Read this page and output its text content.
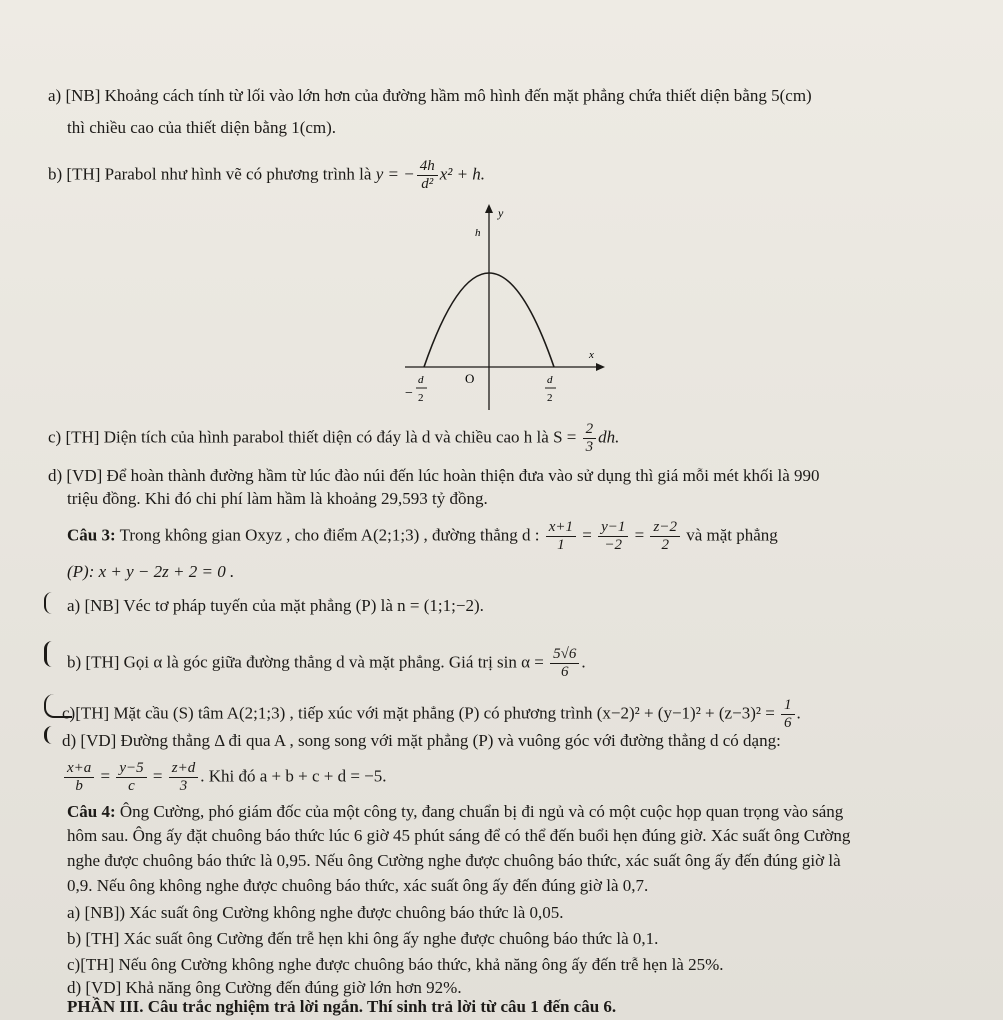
a) [NB] Khoảng cách tính từ lối vào lớn hơn của đường hầm mô hình đến mặt phẳng chứa thiết diện bằng 5(cm)
thì chiều cao của thiết diện bằng 1(cm).
b) [TH] Parabol như hình vẽ có phương trình là y = − $\frac{4h}{\text{d²}} x^2 + h$.
y
h
x
O
−
d
2
d
2
c) [TH] Diện tích của hình parabol thiết diện có đáy là d và chiều cao h là $S = \frac{2}{3}$ dh.
d) [VD] Để hoàn thành đường hầm từ lúc đào núi đến lúc hoàn thiện đưa vào sử dụng thì giá mỗi mét khối là 990
triệu đồng. Khi đó chi phí làm hầm là khoảng 29,593 tỷ đồng.
Câu 3: Trong không gian Oxyz , cho điểm A(2;1;3) , đường thẳng d : $\frac{x+1}{1} = \frac{y-1}{-2} = \frac{z-2}{2}$ và mặt phẳng
(P): x + y − 2z + 2 = 0 .
a) [NB] Véc tơ pháp tuyến của mặt phẳng (P) là n = (1;1;−2).
b) [TH] Gọi α là góc giữa đường thẳng d và mặt phẳng. Giá trị $\sin \alpha = \frac{5√6}{6}$ .
c)[TH] Mặt cầu (S) tâm A(2;1;3) , tiếp xúc với mặt phẳng (P) có phương trình $(x-2)^2 + (y-1)^2 + (z-3)^2 = \frac{1}{6}$ .
d) [VD] Đường thẳng Δ đi qua A , song song với mặt phẳng (P) và vuông góc với đường thẳng d có dạng:
$\frac{x+a}{b} = \frac{y-5}{c} = \frac{z+d}{3}$ . Khi đó a + b + c + d = −5.
Câu 4: Ông Cường, phó giám đốc của một công ty, đang chuẩn bị đi ngủ và có một cuộc họp quan trọng vào sáng
hôm sau. Ông ấy đặt chuông báo thức lúc 6 giờ 45 phút sáng để có thể đến buổi hẹn đúng giờ. Xác suất ông Cường
nghe được chuông báo thức là 0,95. Nếu ông Cường nghe được chuông báo thức, xác suất ông ấy đến đúng giờ là
0,9. Nếu ông không nghe được chuông báo thức, xác suất ông ấy đến đúng giờ là 0,7.
a) [NB]) Xác suất ông Cường không nghe được chuông báo thức là 0,05.
b) [TH] Xác suất ông Cường đến trễ hẹn khi ông ấy nghe được chuông báo thức là 0,1.
c)[TH] Nếu ông Cường không nghe được chuông báo thức, khả năng ông ấy đến trễ hẹn là 25%.
d) [VD] Khả năng ông Cường đến đúng giờ lớn hơn 92%.
PHẦN III. Câu trắc nghiệm trả lời ngắn. Thí sinh trả lời từ câu 1 đến câu 6.
